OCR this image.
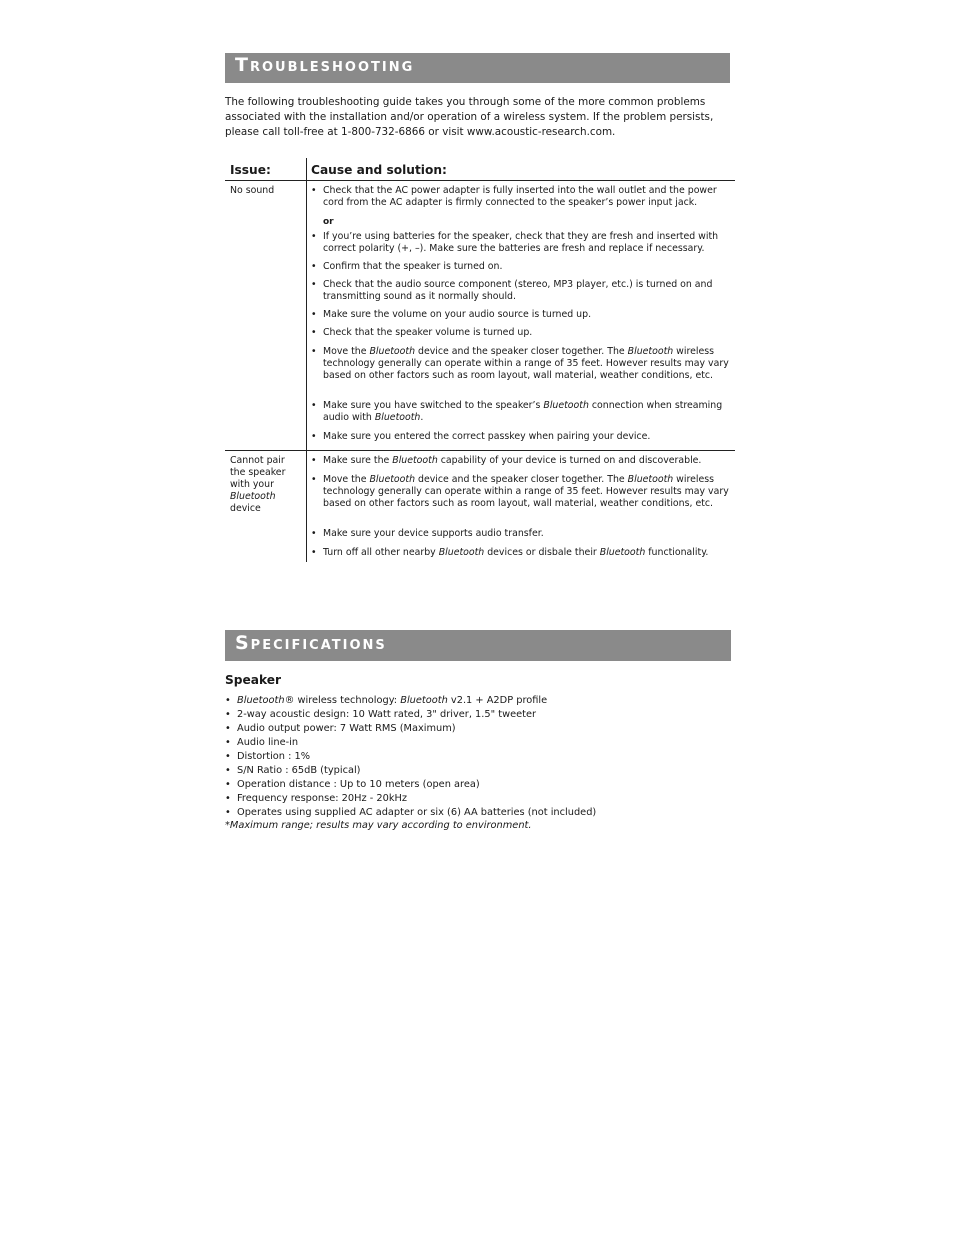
Troubleshooting

The following troubleshooting guide takes you through some of the more common problems associated with the installation and/or operation of a wireless system. If the problem persists, please call toll-free at 1-800-732-6866 or visit www.acoustic-research.com.

Issue:	Cause and solution:
No sound	• Check that the AC power adapter is fully inserted into the wall outlet and the power cord from the AC adapter is firmly connected to the speaker’s power input jack.
or
• If you’re using batteries for the speaker, check that they are fresh and inserted with correct polarity (+, –). Make sure the batteries are fresh and replace if necessary.
• Confirm that the speaker is turned on.
• Check that the audio source component (stereo, MP3 player, etc.) is turned on and transmitting sound as it normally should.
• Make sure the volume on your audio source is turned up.
• Check that the speaker volume is turned up.
• Move the Bluetooth device and the speaker closer together. The Bluetooth wireless technology generally can operate within a range of 35 feet. However results may vary based on other factors such as room layout, wall material, weather conditions, etc.
• Make sure you have switched to the speaker’s Bluetooth connection when streaming audio with Bluetooth.
• Make sure you entered the correct passkey when pairing your device.
Cannot pair the speaker with your Bluetooth device
• Make sure the Bluetooth capability of your device is turned on and discoverable.
• Move the Bluetooth device and the speaker closer together. The Bluetooth wireless technology generally can operate within a range of 35 feet. However results may vary based on other factors such as room layout, wall material, weather conditions, etc.
• Make sure your device supports audio transfer.
• Turn off all other nearby Bluetooth devices or disbale their Bluetooth functionality.
Specifications
Speaker
• Bluetooth® wireless technology: Bluetooth v2.1 + A2DP profile
• 2-way acoustic design: 10 Watt rated, 3" driver, 1.5" tweeter
• Audio output power: 7 Watt RMS (Maximum)
• Audio line-in
• Distortion : 1%
• S/N Ratio : 65dB (typical)
• Operation distance : Up to 10 meters (open area)
• Frequency response: 20Hz - 20kHz
• Operates using supplied AC adapter or six (6) AA batteries (not included)
*Maximum range; results may vary according to environment.
